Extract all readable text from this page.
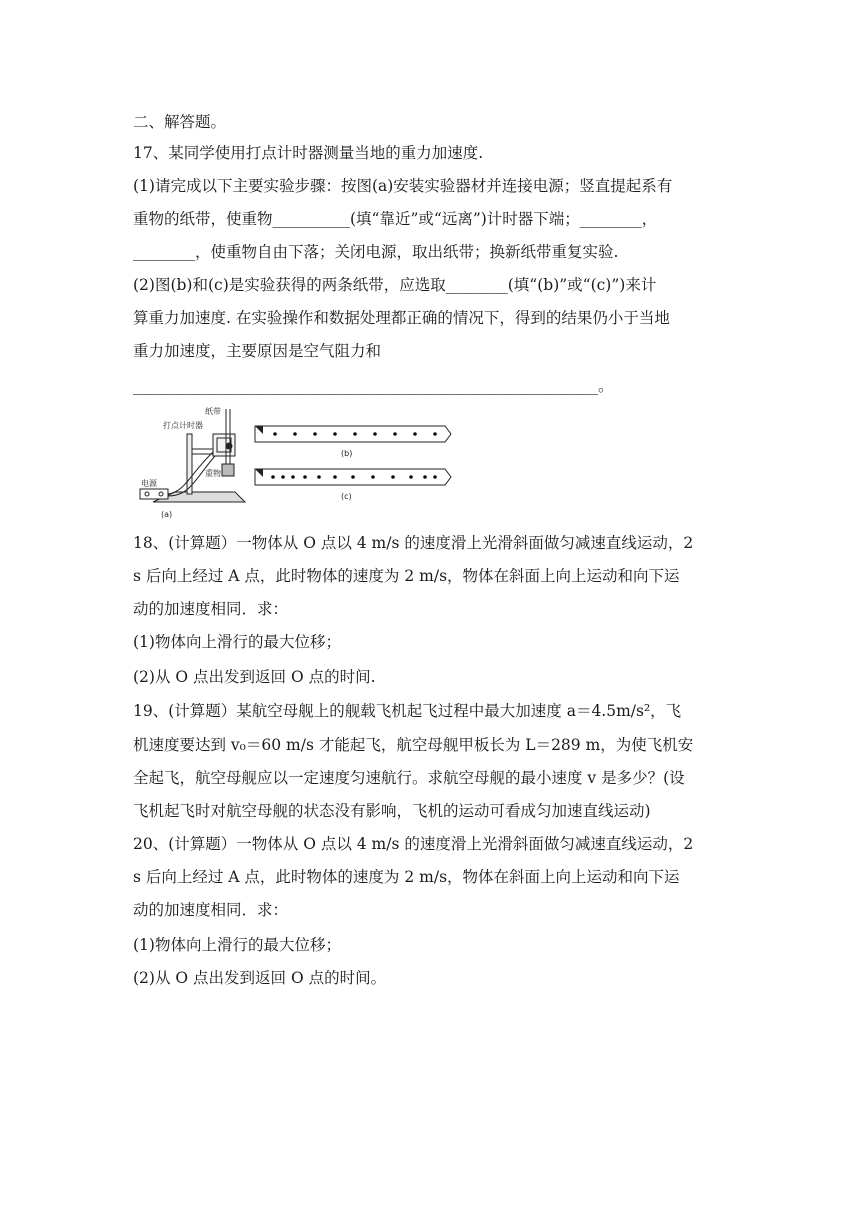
二、解答题。
17、某同学使用打点计时器测量当地的重力加速度.
(1)请完成以下主要实验步骤：按图(a)安装实验器材并连接电源；竖直提起系有
重物的纸带，使重物__________(填“靠近”或“远离”)计时器下端；________，
________，使重物自由下落；关闭电源，取出纸带；换新纸带重复实验.
(2)图(b)和(c)是实验获得的两条纸带，应选取________(填“(b)”或“(c)”)来计
算重力加速度. 在实验操作和数据处理都正确的情况下，得到的结果仍小于当地
重力加速度，主要原因是空气阻力和
____________________________________________________________。
纸带
打点计时器
重物
电源
(a)
(b)
(c)
18、(计算题）一物体从 O 点以 4 m/s 的速度滑上光滑斜面做匀减速直线运动，2
s 后向上经过 A 点，此时物体的速度为 2 m/s，物体在斜面上向上运动和向下运
动的加速度相同．求：
(1)物体向上滑行的最大位移；
(2)从 O 点出发到返回 O 点的时间.
19、(计算题）某航空母舰上的舰载飞机起飞过程中最大加速度 a＝4.5m/s²，飞
机速度要达到 v₀＝60 m/s 才能起飞，航空母舰甲板长为 L＝289 m，为使飞机安
全起飞，航空母舰应以一定速度匀速航行。求航空母舰的最小速度 v 是多少？(设
飞机起飞时对航空母舰的状态没有影响，飞机的运动可看成匀加速直线运动)
20、(计算题）一物体从 O 点以 4 m/s 的速度滑上光滑斜面做匀减速直线运动，2
s 后向上经过 A 点，此时物体的速度为 2 m/s，物体在斜面上向上运动和向下运
动的加速度相同．求：
(1)物体向上滑行的最大位移；
(2)从 O 点出发到返回 O 点的时间。
